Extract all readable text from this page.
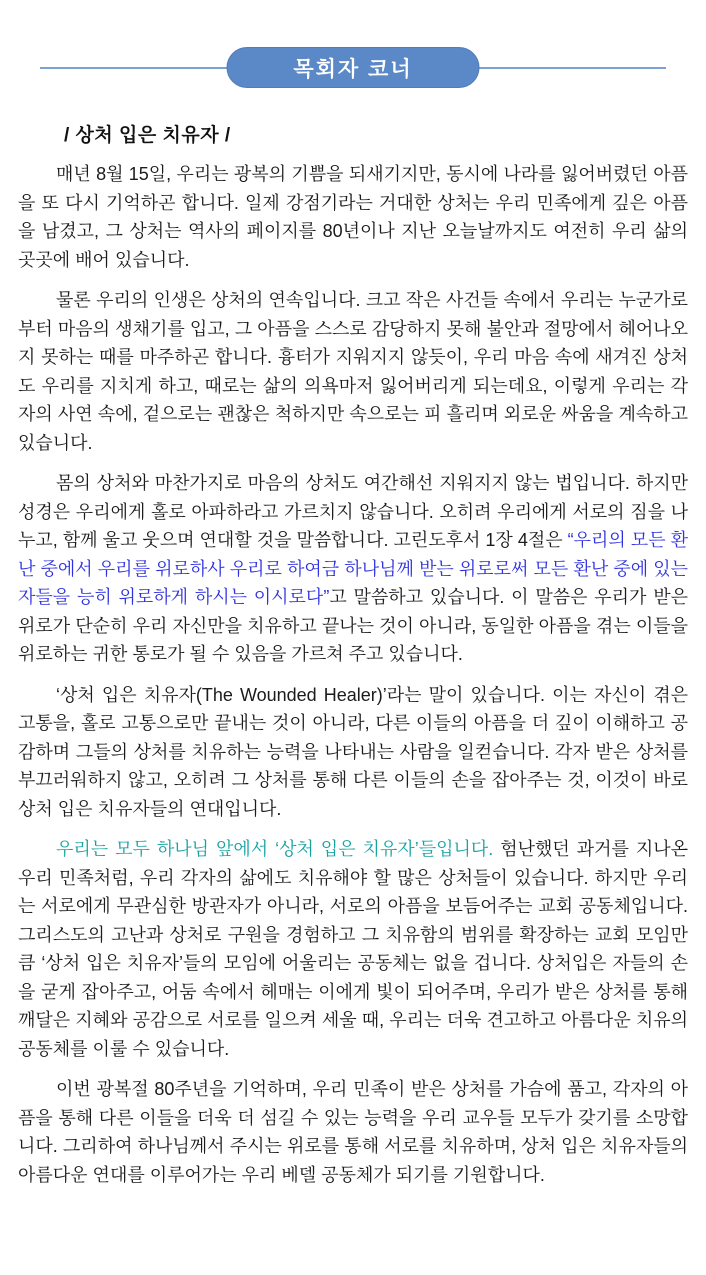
목회자 코너
/ 상처 입은 치유자 /

매년 8월 15일, 우리는 광복의 기쁨을 되새기지만, 동시에 나라를 잃어버렸던 아픔을 또 다시 기억하곤 합니다. 일제 강점기라는 거대한 상처는 우리 민족에게 깊은 아픔을 남겼고, 그 상처는 역사의 페이지를 80년이나 지난 오늘날까지도 여전히 우리 삶의 곳곳에 배어 있습니다.

물론 우리의 인생은 상처의 연속입니다. 크고 작은 사건들 속에서 우리는 누군가로부터 마음의 생채기를 입고, 그 아픔을 스스로 감당하지 못해 불안과 절망에서 헤어나오지 못하는 때를 마주하곤 합니다. 흉터가 지워지지 않듯이, 우리 마음 속에 새겨진 상처도 우리를 지치게 하고, 때로는 삶의 의욕마저 잃어버리게 되는데요, 이렇게 우리는 각자의 사연 속에, 겉으로는 괜찮은 척하지만 속으로는 피 흘리며 외로운 싸움을 계속하고 있습니다.

몸의 상처와 마찬가지로 마음의 상처도 여간해선 지워지지 않는 법입니다. 하지만 성경은 우리에게 홀로 아파하라고 가르치지 않습니다. 오히려 우리에게 서로의 짐을 나누고, 함께 울고 웃으며 연대할 것을 말씀합니다. 고린도후서 1장 4절은 “우리의 모든 환난 중에서 우리를 위로하사 우리로 하여금 하나님께 받는 위로로써 모든 환난 중에 있는 자들을 능히 위로하게 하시는 이시로다”고 말씀하고 있습니다. 이 말씀은 우리가 받은 위로가 단순히 우리 자신만을 치유하고 끝나는 것이 아니라, 동일한 아픔을 겪는 이들을 위로하는 귀한 통로가 될 수 있음을 가르쳐 주고 있습니다.

‘상처 입은 치유자(The Wounded Healer)’라는 말이 있습니다. 이는 자신이 겪은 고통을, 홀로 고통으로만 끝내는 것이 아니라, 다른 이들의 아픔을 더 깊이 이해하고 공감하며 그들의 상처를 치유하는 능력을 나타내는 사람을 일컫습니다. 각자 받은 상처를 부끄러워하지 않고, 오히려 그 상처를 통해 다른 이들의 손을 잡아주는 것, 이것이 바로 상처 입은 치유자들의 연대입니다.

우리는 모두 하나님 앞에서 ‘상처 입은 치유자’들입니다. 험난했던 과거를 지나온 우리 민족처럼, 우리 각자의 삶에도 치유해야 할 많은 상처들이 있습니다. 하지만 우리는 서로에게 무관심한 방관자가 아니라, 서로의 아픔을 보듬어주는 교회 공동체입니다. 그리스도의 고난과 상처로 구원을 경험하고 그 치유함의 범위를 확장하는 교회 모임만큼 ‘상처 입은 치유자’들의 모임에 어울리는 공동체는 없을 겁니다. 상처입은 자들의 손을 굳게 잡아주고, 어둠 속에서 헤매는 이에게 빛이 되어주며, 우리가 받은 상처를 통해 깨달은 지혜와 공감으로 서로를 일으켜 세울 때, 우리는 더욱 견고하고 아름다운 치유의 공동체를 이룰 수 있습니다.

이번 광복절 80주년을 기억하며, 우리 민족이 받은 상처를 가슴에 품고, 각자의 아픔을 통해 다른 이들을 더욱 더 섬길 수 있는 능력을 우리 교우들 모두가 갖기를 소망합니다. 그리하여 하나님께서 주시는 위로를 통해 서로를 치유하며, 상처 입은 치유자들의 아름다운 연대를 이루어가는 우리 베델 공동체가 되기를 기원합니다.
